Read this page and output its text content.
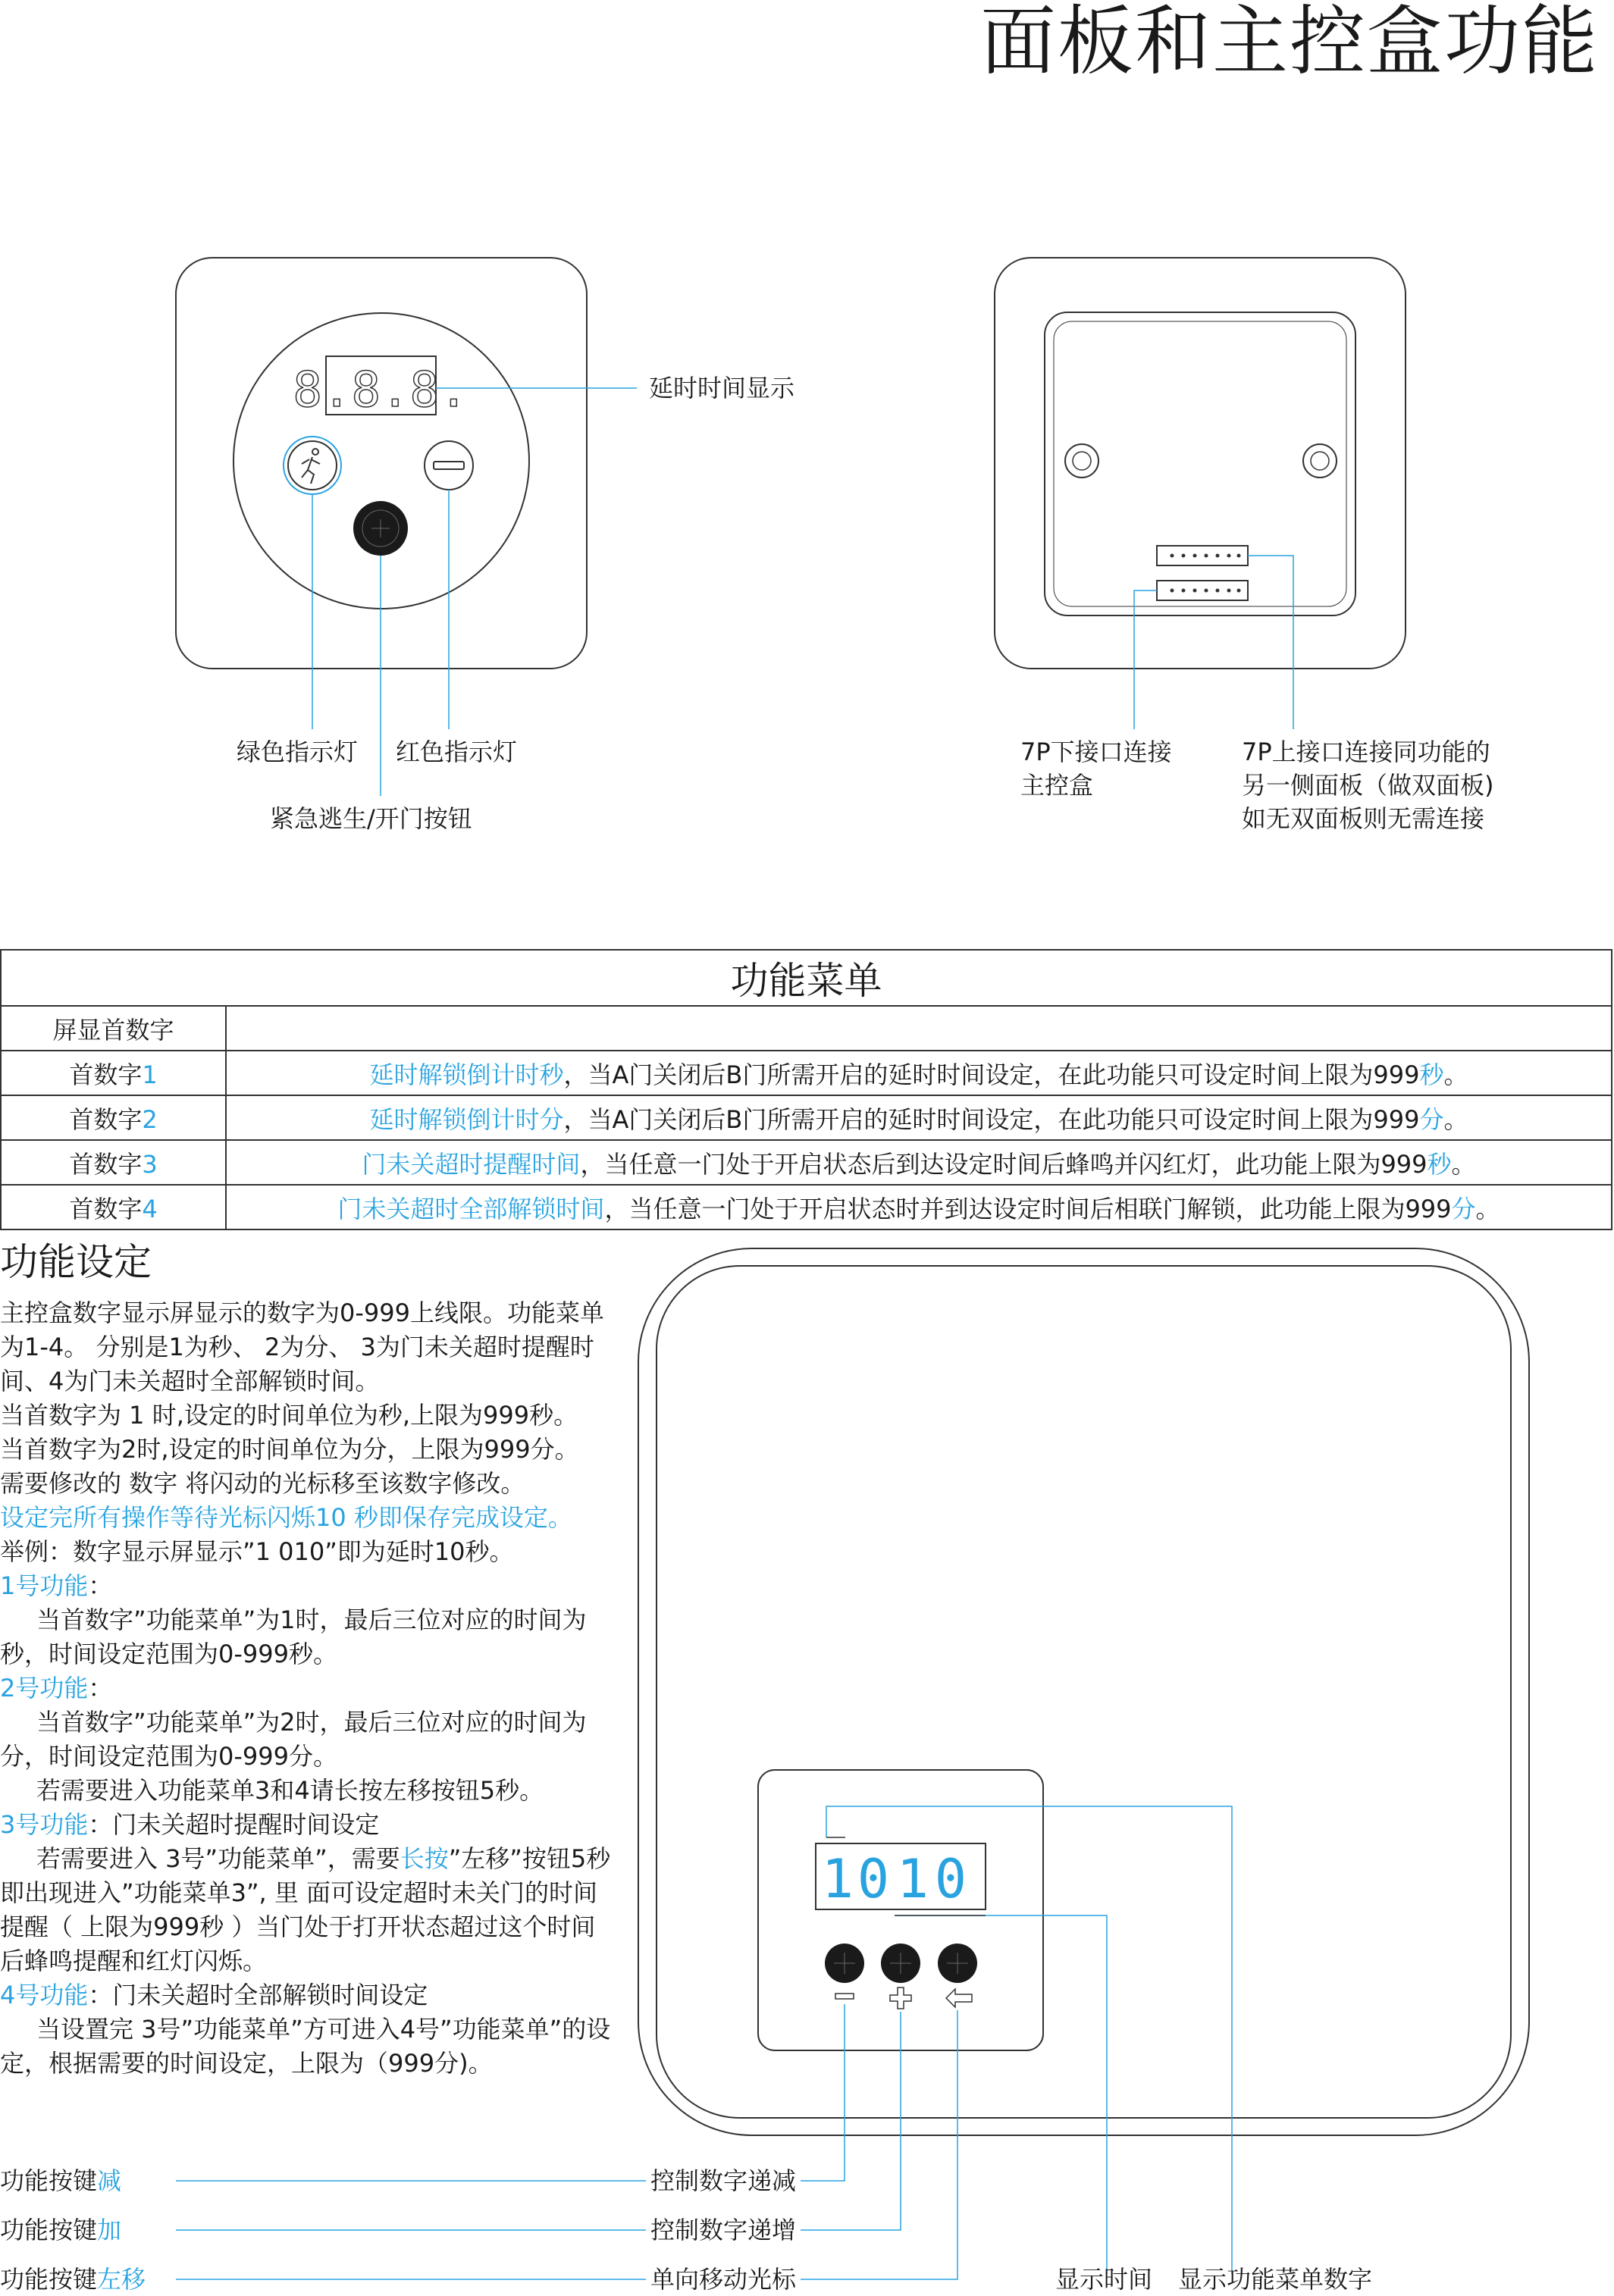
面板和主控盒功能
8.8.8.
1 0 1 0
延时时间显示
绿色指示灯 红色指示灯
紧急逃生/开门按钮
7P下接口连接
主控盒
7P上接口连接同功能的
另一侧面板（做双面板)
如无双面板则无需连接
功能菜单	
屏显首数字	
首数字1	延时解锁倒计时秒，当A门关闭后B门所需开启的延时时间设定，在此功能只可设定时间上限为999秒。
首数字2	延时解锁倒计时分，当A门关闭后B门所需开启的延时时间设定，在此功能只可设定时间上限为999分。
首数字3	门未关超时提醒时间，当任意一门处于开启状态后到达设定时间后蜂鸣并闪红灯，此功能上限为999秒。
首数字4	门未关超时全部解锁时间，当任意一门处于开启状态时并到达设定时间后相联门解锁，此功能上限为999分。
功能设定

主控盒数字显示屏显示的数字为0-999上线限。功能菜单为1-4。 分别是1为秒、 2为分、 3为门未关超时提醒时间、4为门未关超时全部解锁时间。

当首数字为 1 时,设定的时间单位为秒,上限为999秒。

当首数字为2时,设定的时间单位为分，上限为999分。

需要修改的 数字 将闪动的光标移至该数字修改。

设定完所有操作等待光标闪烁10 秒即保存完成设定。

举例：数字显示屏显示”1 010”即为延时10秒。

1号功能：

当首数字”功能菜单”为1时，最后三位对应的时间为秒，时间设定范围为0-999秒。

2号功能：

当首数字”功能菜单”为2时，最后三位对应的时间为分，时间设定范围为0-999分。

若需要进入功能菜单3和4请长按左移按钮5秒。

3号功能：门未关超时提醒时间设定

若需要进入 3号”功能菜单”，需要长按”左移”按钮5秒即出现进入”功能菜单3”, 里 面可设定超时未关门的时间提醒（ 上限为999秒 ）当门处于打开状态超过这个时间后蜂鸣提醒和红灯闪烁。

4号功能：门未关超时全部解锁时间设定

当设置完 3号”功能菜单”方可进入4号”功能菜单”的设定，根据需要的时间设定，上限为（999分)。

功能按键减
功能按键加
功能按键左移
控制数字递减
控制数字递增
单向移动光标	显示时间 显示功能菜单数字
